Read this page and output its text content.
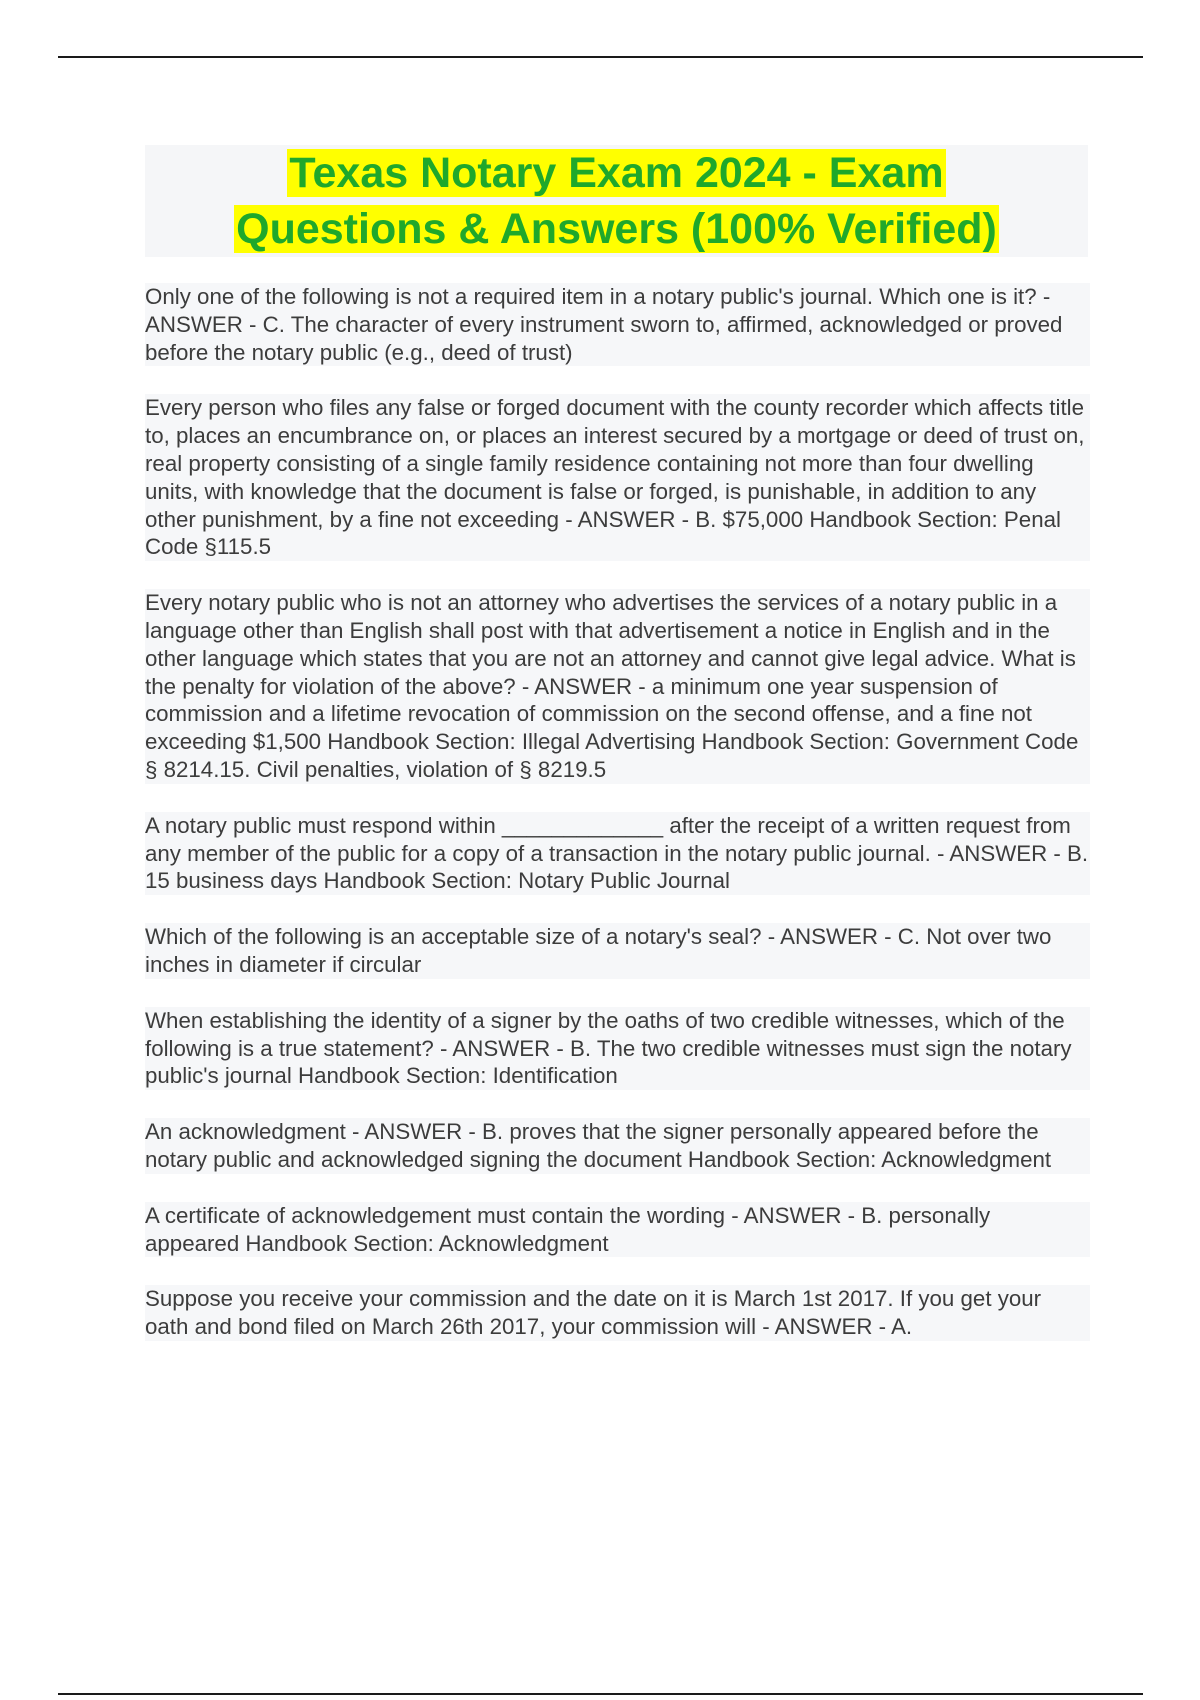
Texas Notary Exam 2024 - Exam
Questions & Answers (100% Verified)

Only one of the following is not a required item in a notary public's journal. Which one is it? - ANSWER - C. The character of every instrument sworn to, affirmed, acknowledged or proved before the notary public (e.g., deed of trust)

Every person who files any false or forged document with the county recorder which affects title to, places an encumbrance on, or places an interest secured by a mortgage or deed of trust on, real property consisting of a single family residence containing not more than four dwelling units, with knowledge that the document is false or forged, is punishable, in addition to any other punishment, by a fine not exceeding - ANSWER - B. $75,000 Handbook Section: Penal Code §115.5

Every notary public who is not an attorney who advertises the services of a notary public in a language other than English shall post with that advertisement a notice in English and in the other language which states that you are not an attorney and cannot give legal advice. What is the penalty for violation of the above? - ANSWER - a minimum one year suspension of commission and a lifetime revocation of commission on the second offense, and a fine not exceeding $1,500 Handbook Section: Illegal Advertising Handbook Section: Government Code § 8214.15. Civil penalties, violation of § 8219.5

A notary public must respond within _____________ after the receipt of a written request from any member of the public for a copy of a transaction in the notary public journal. - ANSWER - B. 15 business days Handbook Section: Notary Public Journal

Which of the following is an acceptable size of a notary's seal? - ANSWER - C. Not over two inches in diameter if circular

When establishing the identity of a signer by the oaths of two credible witnesses, which of the following is a true statement? - ANSWER - B. The two credible witnesses must sign the notary public's journal Handbook Section: Identification

An acknowledgment - ANSWER - B. proves that the signer personally appeared before the notary public and acknowledged signing the document Handbook Section: Acknowledgment

A certificate of acknowledgement must contain the wording - ANSWER - B. personally appeared Handbook Section: Acknowledgment

Suppose you receive your commission and the date on it is March 1st 2017. If you get your oath and bond filed on March 26th 2017, your commission will - ANSWER - A.
